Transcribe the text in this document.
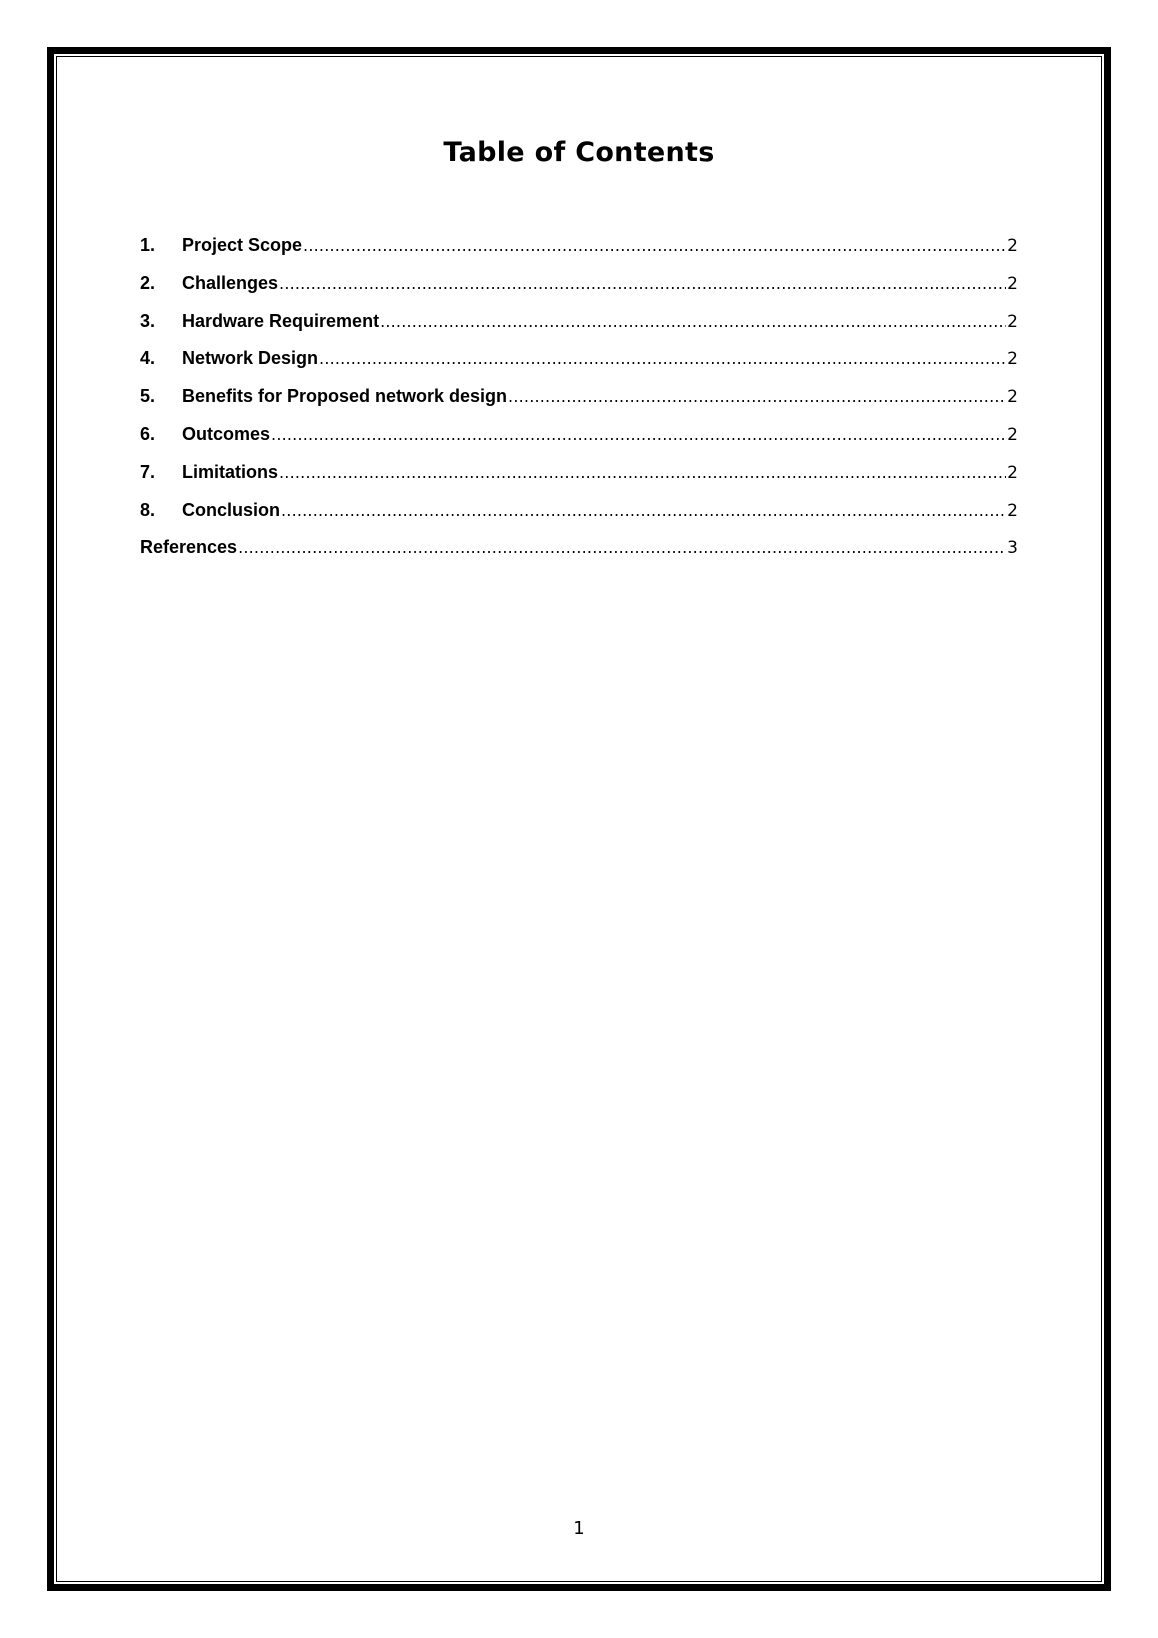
Table of Contents
1.	Project Scope .....	2
2.	Challenges .....	2
3.	Hardware Requirement .....	2
4.	Network Design .....	2
5.	Benefits for Proposed network design .....	2
6.	Outcomes .....	2
7.	Limitations .....	2
8.	Conclusion .....	2
References .....	3
1
